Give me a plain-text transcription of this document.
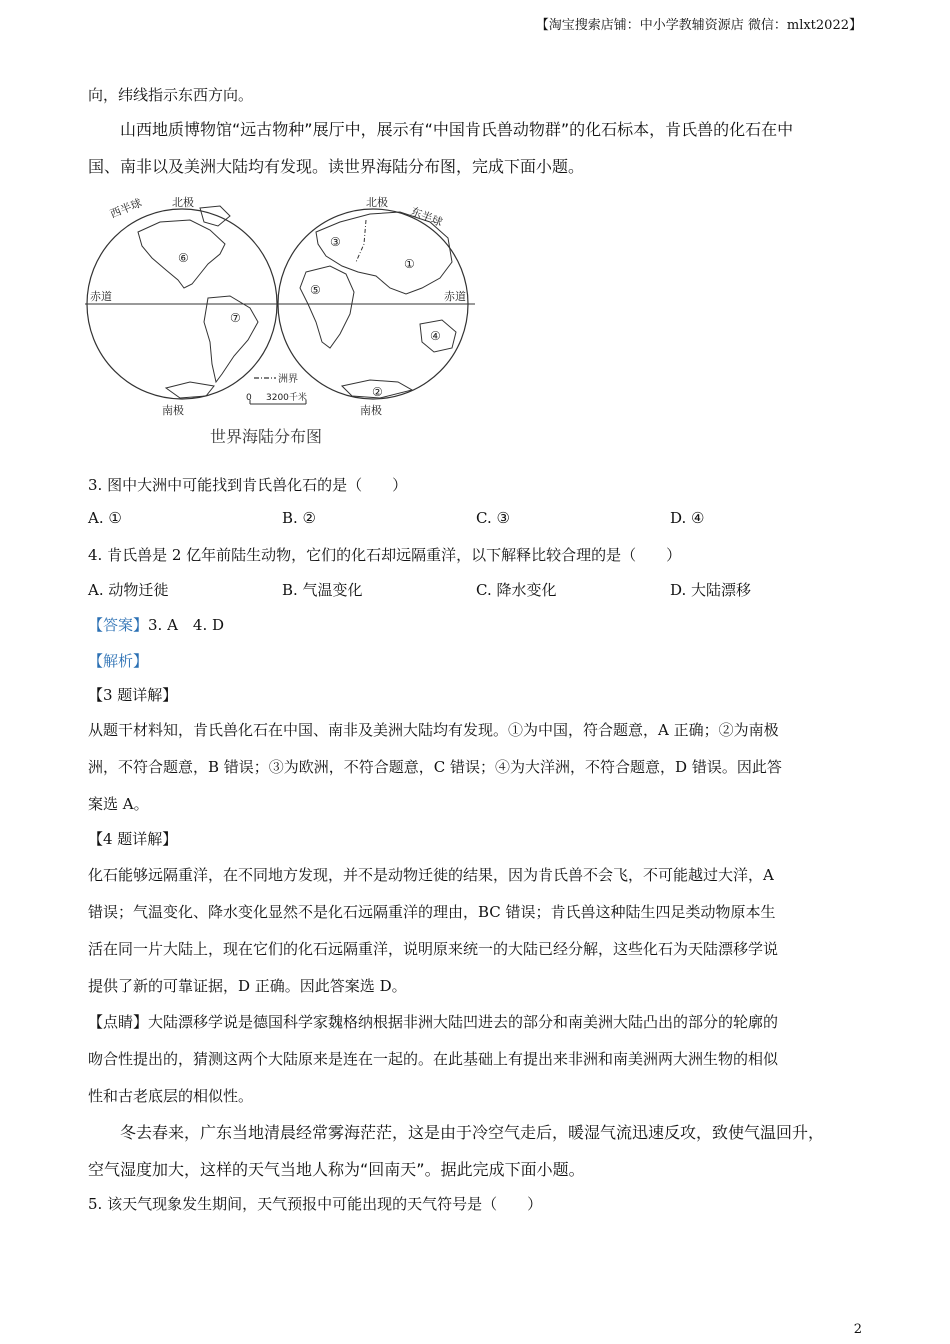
【淘宝搜索店铺：中小学教辅资源店 微信：mlxt2022】
向，纬线指示东西方向。
山西地质博物馆“远古物种”展厅中，展示有“中国肯氏兽动物群”的化石标本，肯氏兽的化石在中
国、南非以及美洲大陆均有发现。读世界海陆分布图，完成下面小题。
西半球	北极	北极
东半球
赤道	赤道
南极	南极
①
②
③
④
⑤
⑥
⑦
洲界
0 3200千米
世界海陆分布图
3. 图中大洲中可能找到肯氏兽化石的是（　　）
A. ①	B. ②	C. ③	D. ④
4. 肯氏兽是 2 亿年前陆生动物，它们的化石却远隔重洋，以下解释比较合理的是（　　）
A. 动物迁徙	B. 气温变化	C. 降水变化	D. 大陆漂移
【答案】3. A　4. D
【解析】
【3 题详解】
从题干材料知，肯氏兽化石在中国、南非及美洲大陆均有发现。①为中国，符合题意，A 正确；②为南极
洲，不符合题意，B 错误；③为欧洲，不符合题意，C 错误；④为大洋洲，不符合题意，D 错误。因此答
案选 A。
【4 题详解】
化石能够远隔重洋，在不同地方发现，并不是动物迁徙的结果，因为肯氏兽不会飞，不可能越过大洋，A
错误；气温变化、降水变化显然不是化石远隔重洋的理由，BC 错误；肯氏兽这种陆生四足类动物原本生
活在同一片大陆上，现在它们的化石远隔重洋，说明原来统一的大陆已经分解，这些化石为天陆漂移学说
提供了新的可靠证据，D 正确。因此答案选 D。
【点睛】大陆漂移学说是德国科学家魏格纳根据非洲大陆凹进去的部分和南美洲大陆凸出的部分的轮廓的
吻合性提出的，猜测这两个大陆原来是连在一起的。在此基础上有提出来非洲和南美洲两大洲生物的相似
性和古老底层的相似性。
冬去春来，广东当地清晨经常雾海茫茫，这是由于冷空气走后，暖湿气流迅速反攻，致使气温回升，
空气湿度加大，这样的天气当地人称为“回南天”。据此完成下面小题。
5. 该天气现象发生期间，天气预报中可能出现的天气符号是（　　）
2
